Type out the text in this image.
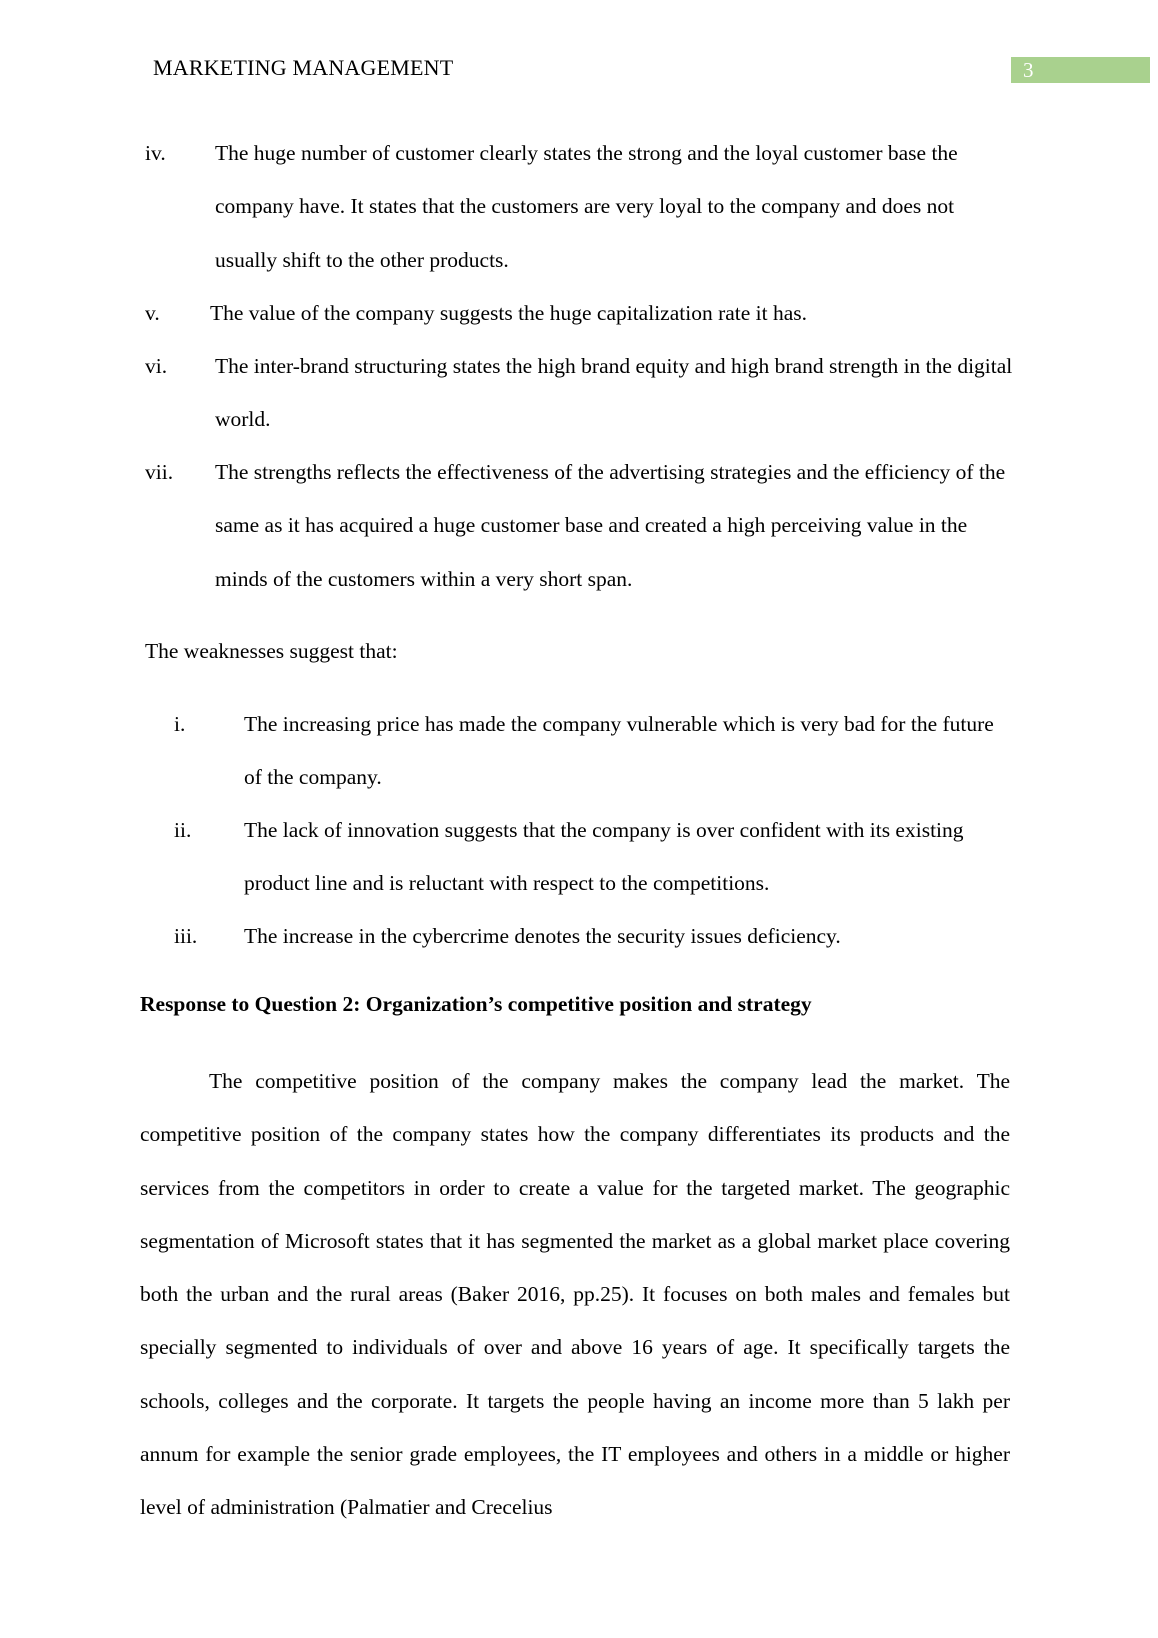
MARKETING MANAGEMENT	3
iv. The huge number of customer clearly states the strong and the loyal customer base the company have. It states that the customers are very loyal to the company and does not usually shift to the other products.
v. The value of the company suggests the huge capitalization rate it has.
vi. The inter-brand structuring states the high brand equity and high brand strength in the digital world.
vii. The strengths reflects the effectiveness of the advertising strategies and the efficiency of the same as it has acquired a huge customer base and created a high perceiving value in the minds of the customers within a very short span.
The weaknesses suggest that:
i.	The increasing price has made the company vulnerable which is very bad for the future of the company.
ii. The lack of innovation suggests that the company is over confident with its existing product line and is reluctant with respect to the competitions.
iii. The increase in the cybercrime denotes the security issues deficiency.
Response to Question 2: Organization’s competitive position and strategy
The competitive position of the company makes the company lead the market. The competitive position of the company states how the company differentiates its products and the services from the competitors in order to create a value for the targeted market. The geographic segmentation of Microsoft states that it has segmented the market as a global market place covering both the urban and the rural areas (Baker 2016, pp.25). It focuses on both males and females but specially segmented to individuals of over and above 16 years of age. It specifically targets the schools, colleges and the corporate. It targets the people having an income more than 5 lakh per annum for example the senior grade employees, the IT employees and others in a middle or higher level of administration (Palmatier and Crecelius
